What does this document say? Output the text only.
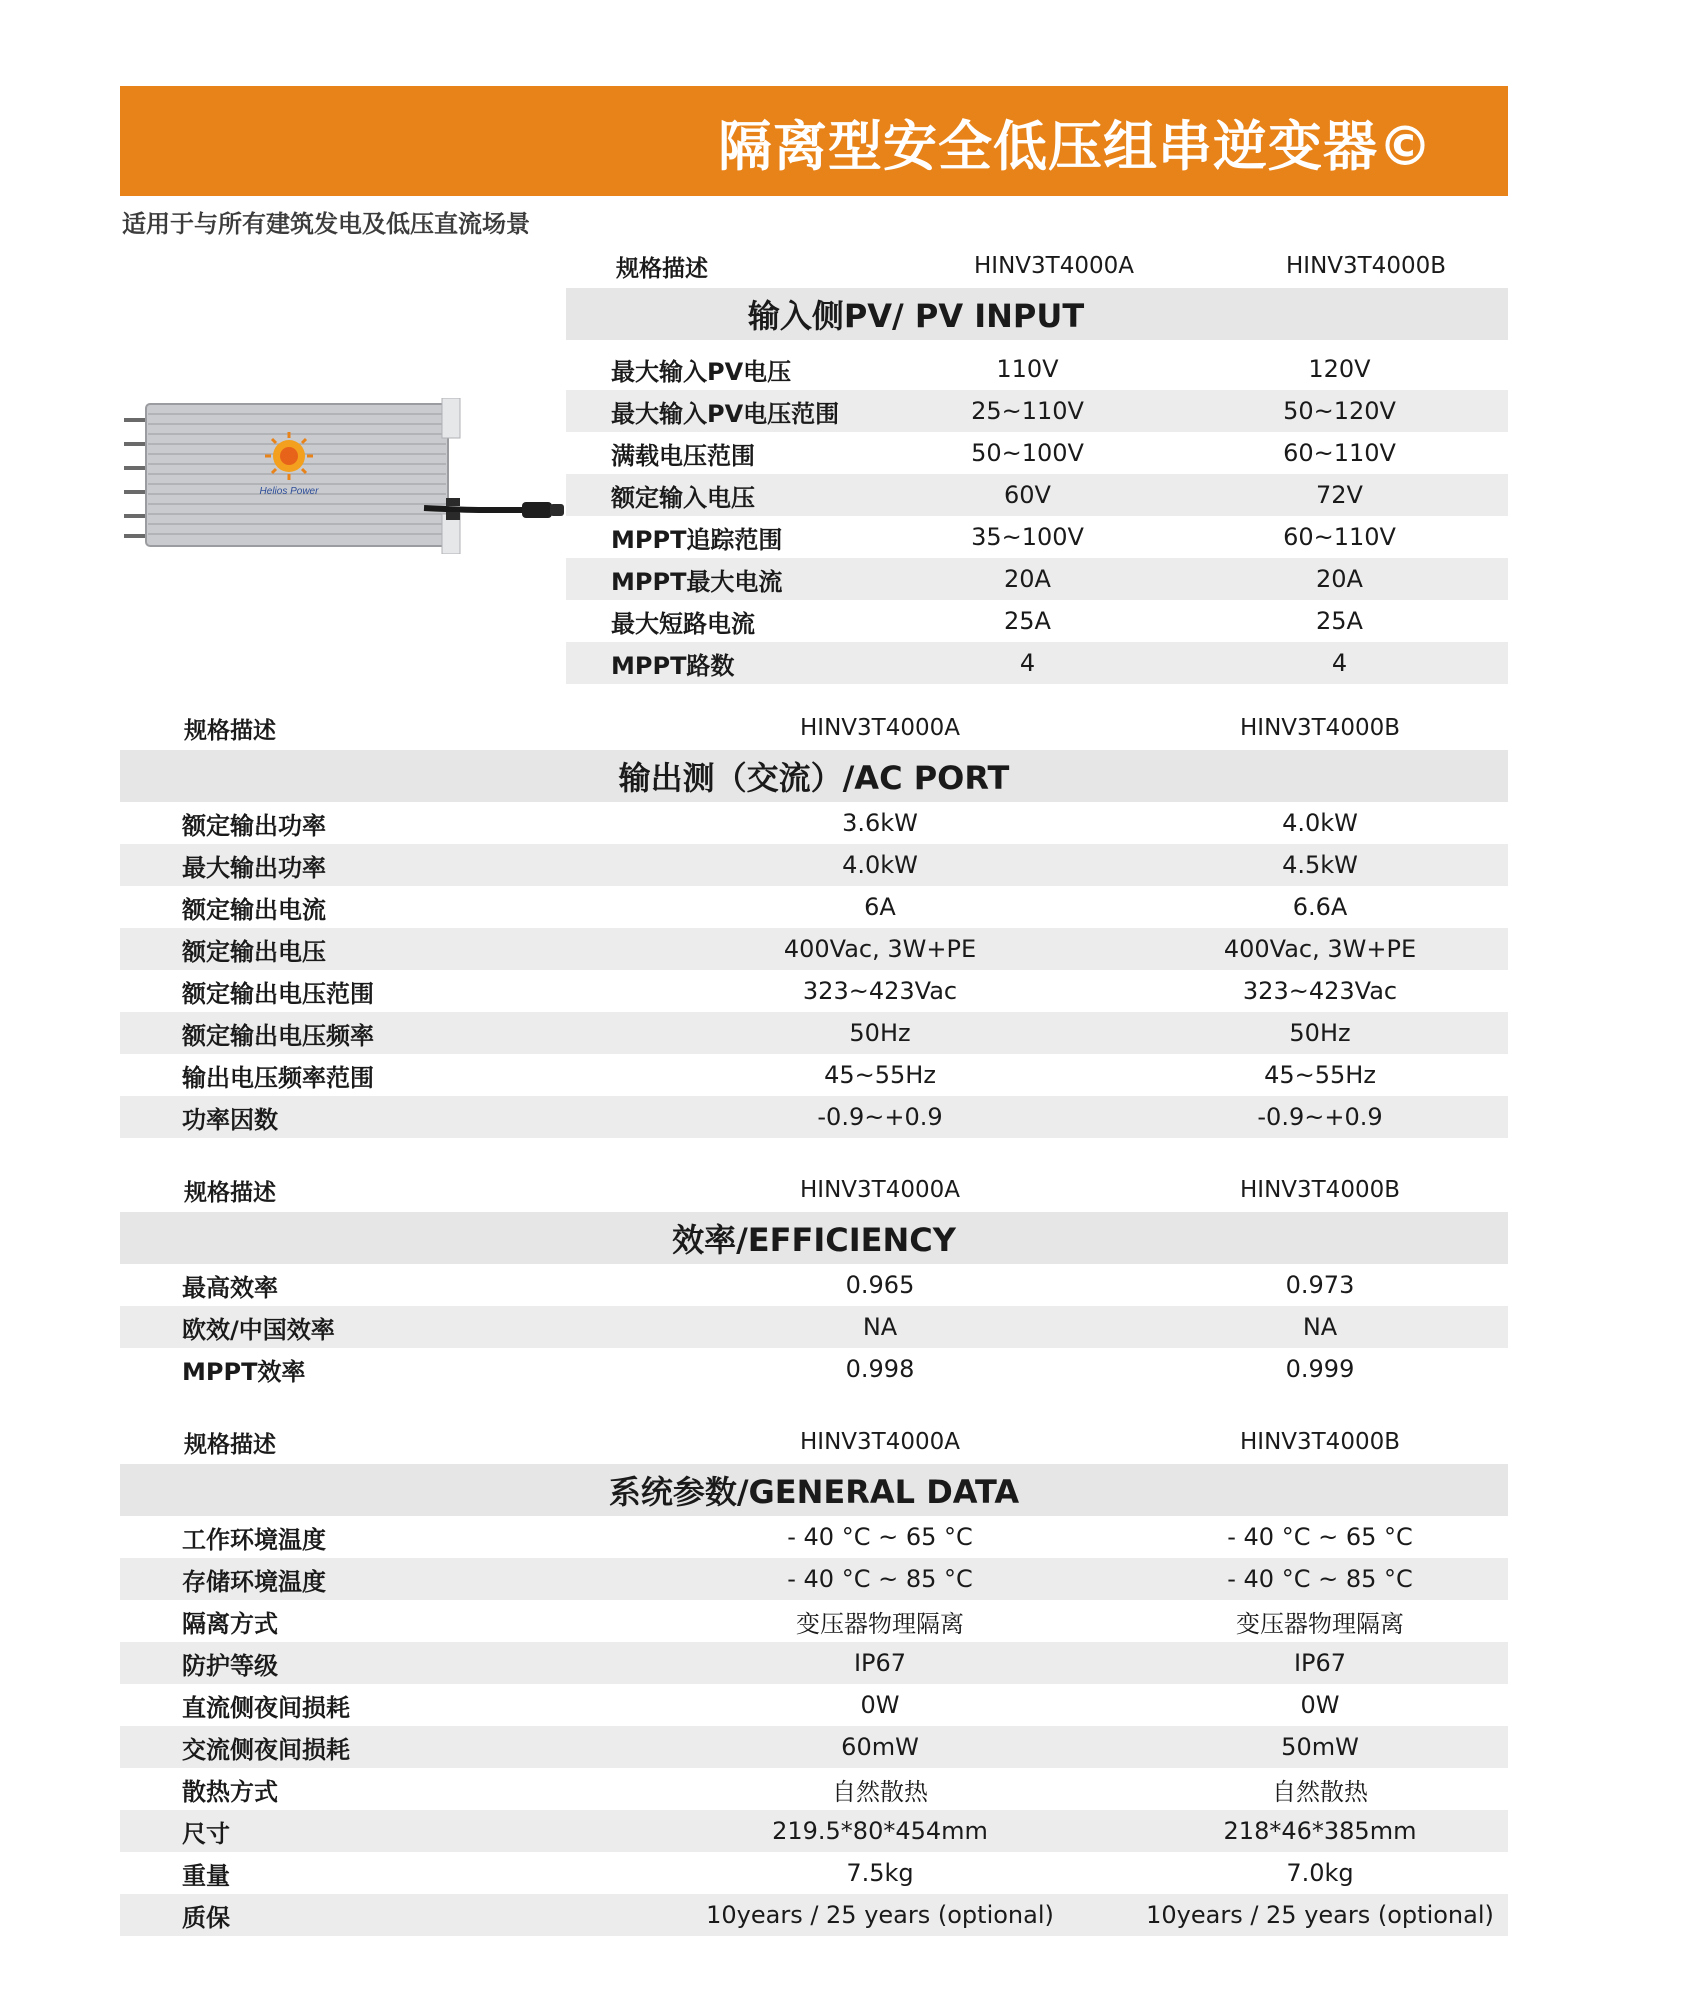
隔离型安全低压组串逆变器©
适用于与所有建筑发电及低压直流场景
Helios Power
规格描述	HINV3T4000A	HINV3T4000B
输入侧PV/ PV INPUT
最大输入PV电压	110V	120V
最大输入PV电压范围	25~110V	50~120V
满载电压范围	50~100V	60~110V
额定输入电压	60V	72V
MPPT追踪范围	35~100V	60~110V
MPPT最大电流	20A	20A
最大短路电流	25A	25A
MPPT路数	4	4
规格描述	HINV3T4000A	HINV3T4000B
输出测（交流）/AC PORT
额定输出功率	3.6kW	4.0kW
最大输出功率	4.0kW	4.5kW
额定输出电流	6A	6.6A
额定输出电压	400Vac, 3W+PE	400Vac, 3W+PE
额定输出电压范围	323~423Vac	323~423Vac
额定输出电压频率	50Hz	50Hz
输出电压频率范围	45~55Hz	45~55Hz
功率因数	-0.9~+0.9	-0.9~+0.9
规格描述	HINV3T4000A	HINV3T4000B
效率/EFFICIENCY
最高效率	0.965	0.973
欧效/中国效率	NA	NA
MPPT效率	0.998	0.999
规格描述	HINV3T4000A	HINV3T4000B
系统参数/GENERAL DATA
工作环境温度	- 40 °C ~ 65 °C	- 40 °C ~ 65 °C
存储环境温度	- 40 °C ~ 85 °C	- 40 °C ~ 85 °C
隔离方式	变压器物理隔离	变压器物理隔离
防护等级	IP67	IP67
直流侧夜间损耗	0W	0W
交流侧夜间损耗	60mW	50mW
散热方式	自然散热	自然散热
尺寸	219.5*80*454mm	218*46*385mm
重量	7.5kg	7.0kg
质保	10years / 25 years (optional)	10years / 25 years (optional)
